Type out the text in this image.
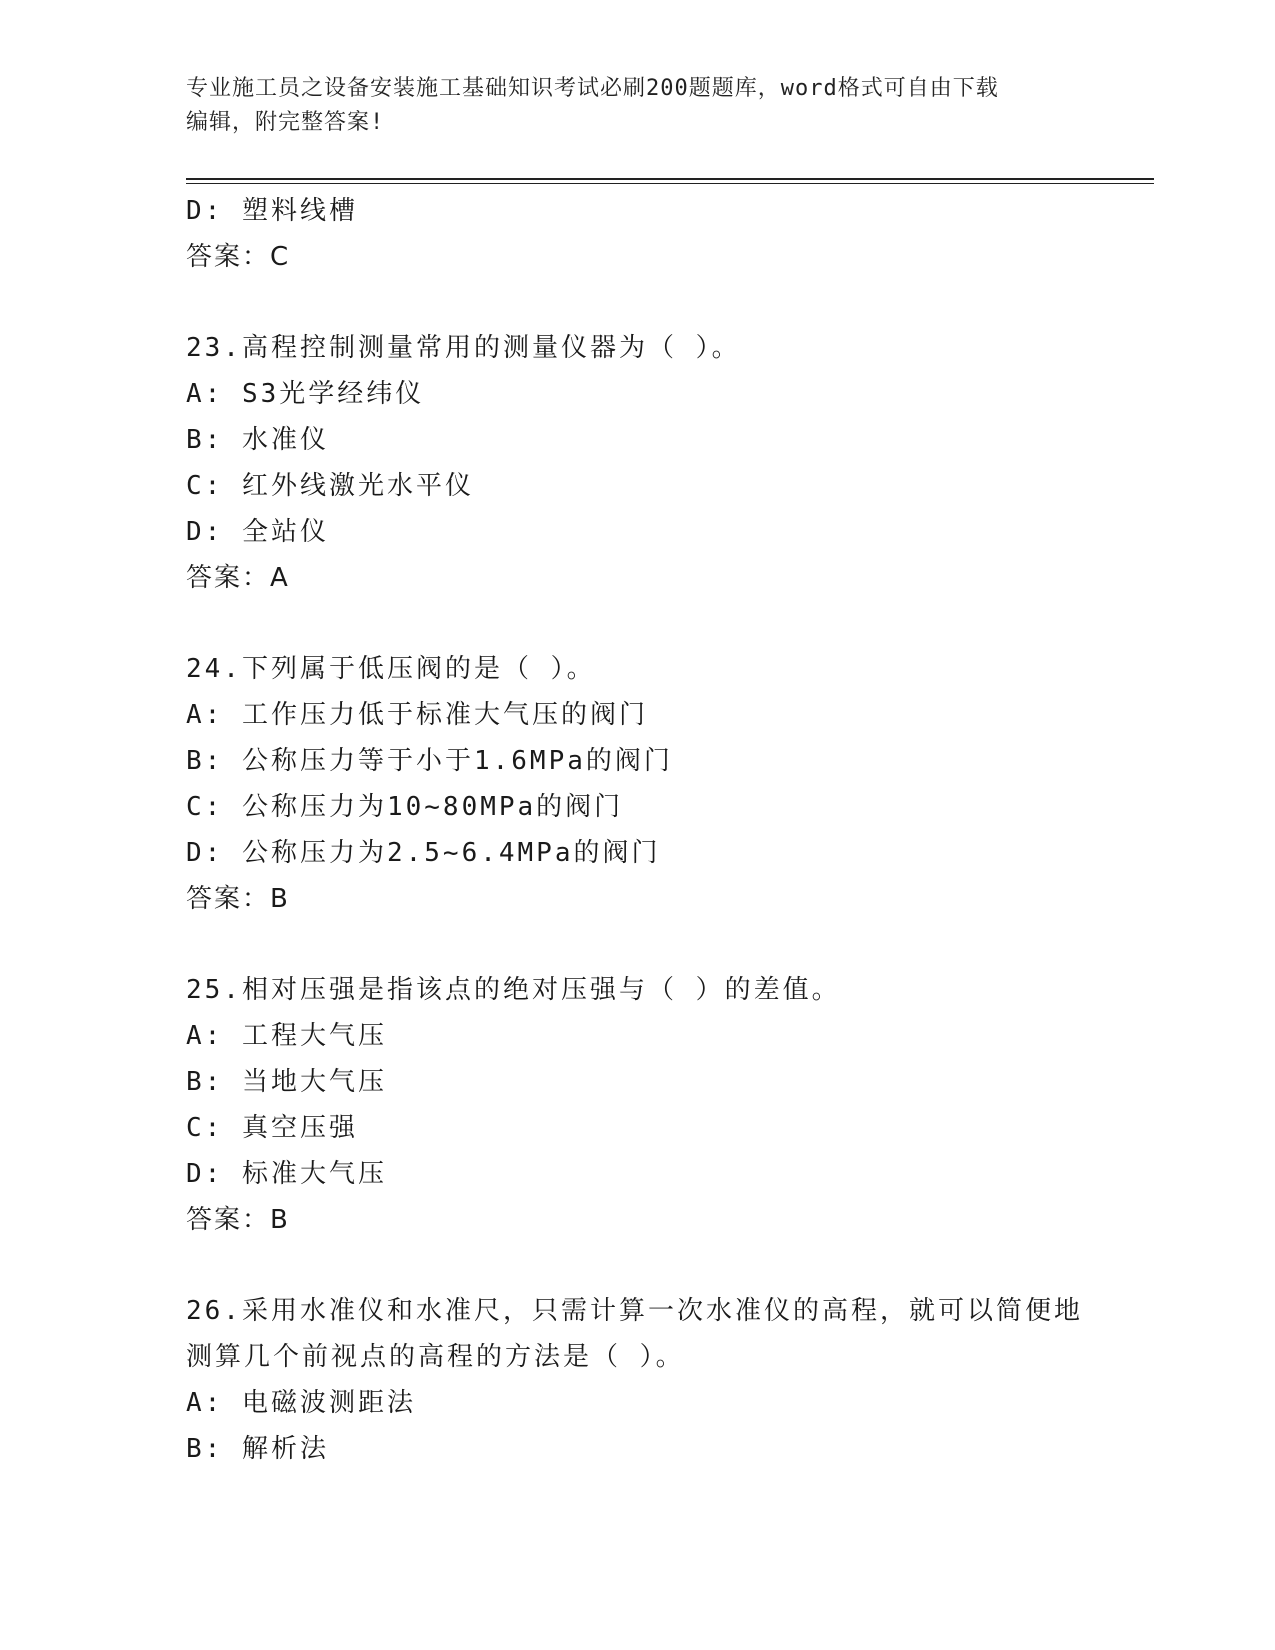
专业施工员之设备安装施工基础知识考试必刷200题题库，word格式可自由下载
编辑，附完整答案!
D: 塑料线槽
答案：C
23.高程控制测量常用的测量仪器为（ ）。
A: S3光学经纬仪
B: 水准仪
C: 红外线激光水平仪
D: 全站仪
答案：A
24.下列属于低压阀的是（ ）。
A: 工作压力低于标准大气压的阀门
B: 公称压力等于小于1.6MPa的阀门
C: 公称压力为10~80MPa的阀门
D: 公称压力为2.5~6.4MPa的阀门
答案：B
25.相对压强是指该点的绝对压强与（ ）的差值。
A: 工程大气压
B: 当地大气压
C: 真空压强
D: 标准大气压
答案：B
26.采用水准仪和水准尺，只需计算一次水准仪的高程，就可以简便地
测算几个前视点的高程的方法是（ ）。
A: 电磁波测距法
B: 解析法
